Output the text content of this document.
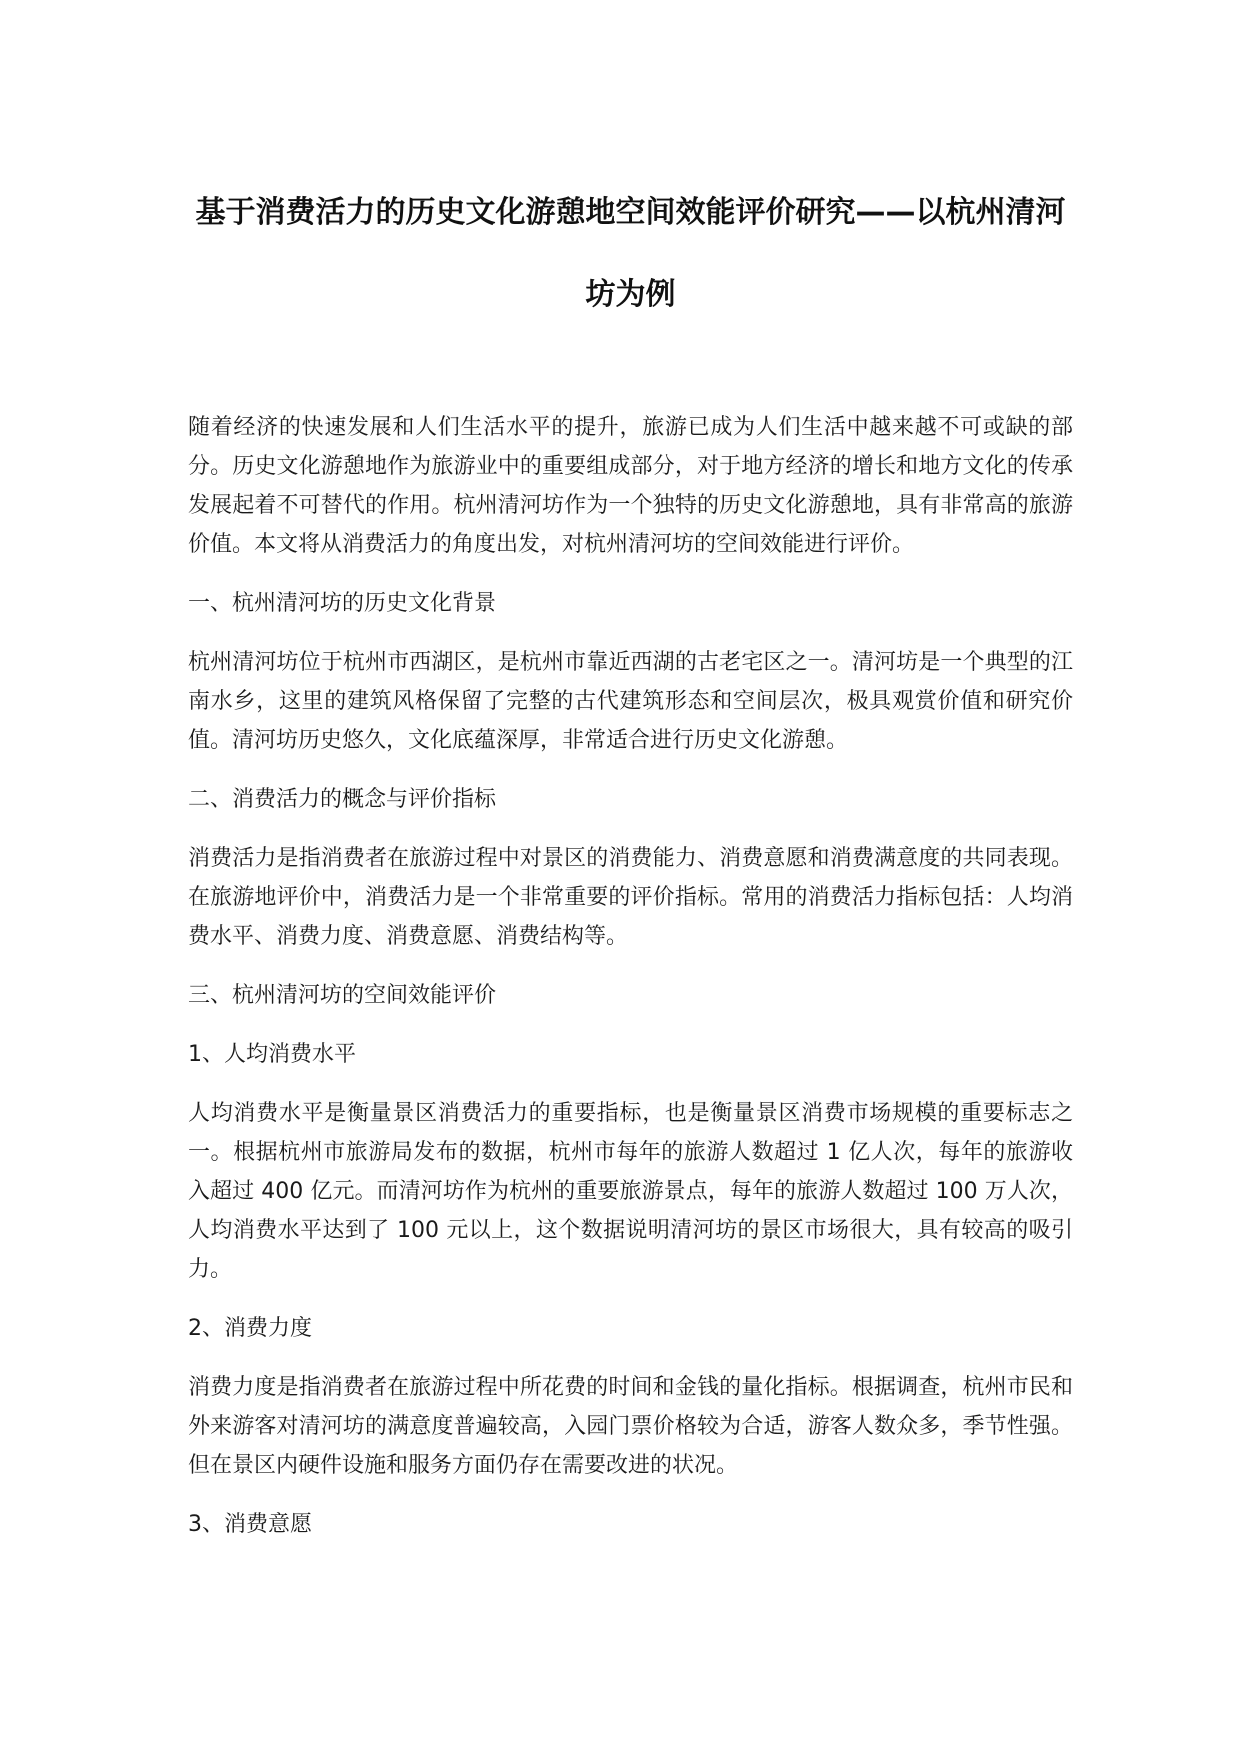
基于消费活力的历史文化游憩地空间效能评价研究——以杭州清河坊为例

随着经济的快速发展和人们生活水平的提升，旅游已成为人们生活中越来越不可或缺的部分。历史文化游憩地作为旅游业中的重要组成部分，对于地方经济的增长和地方文化的传承发展起着不可替代的作用。杭州清河坊作为一个独特的历史文化游憩地，具有非常高的旅游价值。本文将从消费活力的角度出发，对杭州清河坊的空间效能进行评价。

一、杭州清河坊的历史文化背景

杭州清河坊位于杭州市西湖区，是杭州市靠近西湖的古老宅区之一。清河坊是一个典型的江南水乡，这里的建筑风格保留了完整的古代建筑形态和空间层次，极具观赏价值和研究价值。清河坊历史悠久，文化底蕴深厚，非常适合进行历史文化游憩。

二、消费活力的概念与评价指标

消费活力是指消费者在旅游过程中对景区的消费能力、消费意愿和消费满意度的共同表现。在旅游地评价中，消费活力是一个非常重要的评价指标。常用的消费活力指标包括：人均消费水平、消费力度、消费意愿、消费结构等。

三、杭州清河坊的空间效能评价

1、人均消费水平

人均消费水平是衡量景区消费活力的重要指标，也是衡量景区消费市场规模的重要标志之一。根据杭州市旅游局发布的数据，杭州市每年的旅游人数超过 1 亿人次，每年的旅游收入超过 400 亿元。而清河坊作为杭州的重要旅游景点，每年的旅游人数超过 100 万人次，人均消费水平达到了 100 元以上，这个数据说明清河坊的景区市场很大，具有较高的吸引力。

2、消费力度

消费力度是指消费者在旅游过程中所花费的时间和金钱的量化指标。根据调查，杭州市民和外来游客对清河坊的满意度普遍较高，入园门票价格较为合适，游客人数众多，季节性强。但在景区内硬件设施和服务方面仍存在需要改进的状况。

3、消费意愿
